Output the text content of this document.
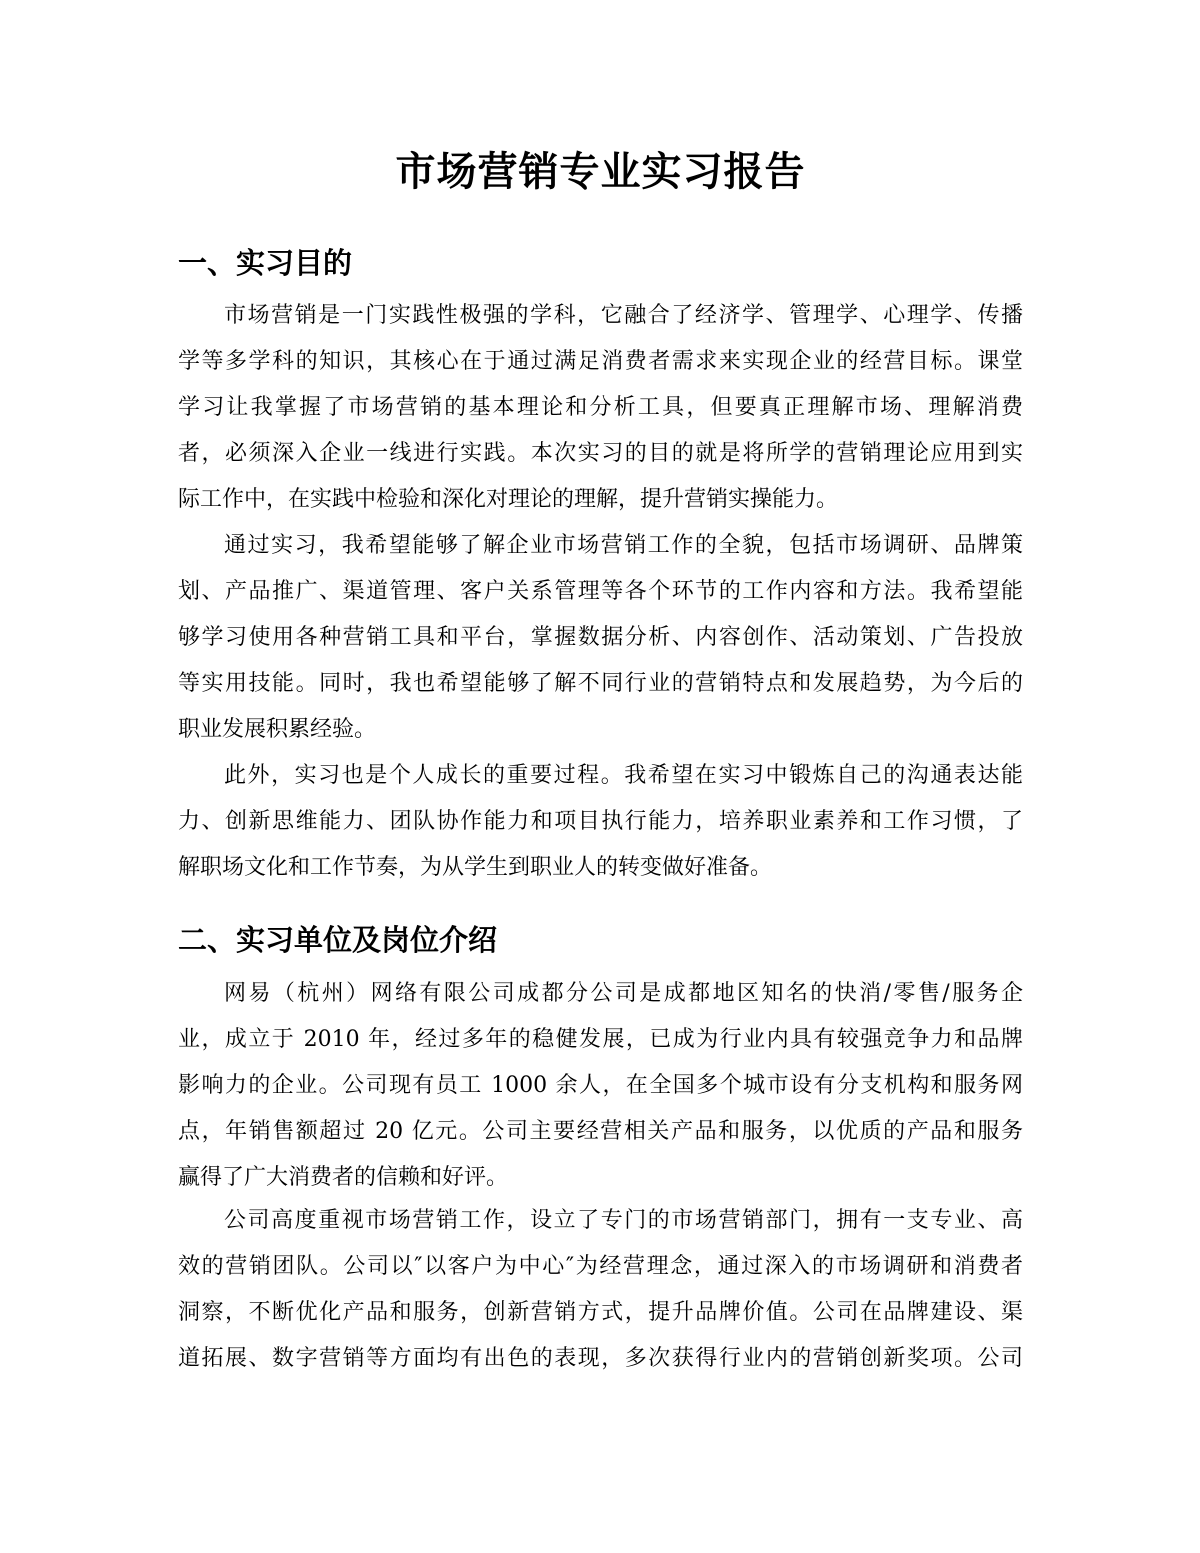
市场营销专业实习报告
一、实习目的
市场营销是一门实践性极强的学科，它融合了经济学、管理学、心理学、传播
学等多学科的知识，其核心在于通过满足消费者需求来实现企业的经营目标。课堂
学习让我掌握了市场营销的基本理论和分析工具，但要真正理解市场、理解消费
者，必须深入企业一线进行实践。本次实习的目的就是将所学的营销理论应用到实
际工作中，在实践中检验和深化对理论的理解，提升营销实操能力。
通过实习，我希望能够了解企业市场营销工作的全貌，包括市场调研、品牌策
划、产品推广、渠道管理、客户关系管理等各个环节的工作内容和方法。我希望能
够学习使用各种营销工具和平台，掌握数据分析、内容创作、活动策划、广告投放
等实用技能。同时，我也希望能够了解不同行业的营销特点和发展趋势，为今后的
职业发展积累经验。
此外，实习也是个人成长的重要过程。我希望在实习中锻炼自己的沟通表达能
力、创新思维能力、团队协作能力和项目执行能力，培养职业素养和工作习惯，了
解职场文化和工作节奏，为从学生到职业人的转变做好准备。
二、实习单位及岗位介绍
网易（杭州）网络有限公司成都分公司是成都地区知名的快消/零售/服务企
业，成立于 2010 年，经过多年的稳健发展，已成为行业内具有较强竞争力和品牌
影响力的企业。公司现有员工 1000 余人，在全国多个城市设有分支机构和服务网
点，年销售额超过 20 亿元。公司主要经营相关产品和服务，以优质的产品和服务
赢得了广大消费者的信赖和好评。
公司高度重视市场营销工作，设立了专门的市场营销部门，拥有一支专业、高
效的营销团队。公司以″以客户为中心″为经营理念，通过深入的市场调研和消费者
洞察，不断优化产品和服务，创新营销方式，提升品牌价值。公司在品牌建设、渠
道拓展、数字营销等方面均有出色的表现，多次获得行业内的营销创新奖项。公司
